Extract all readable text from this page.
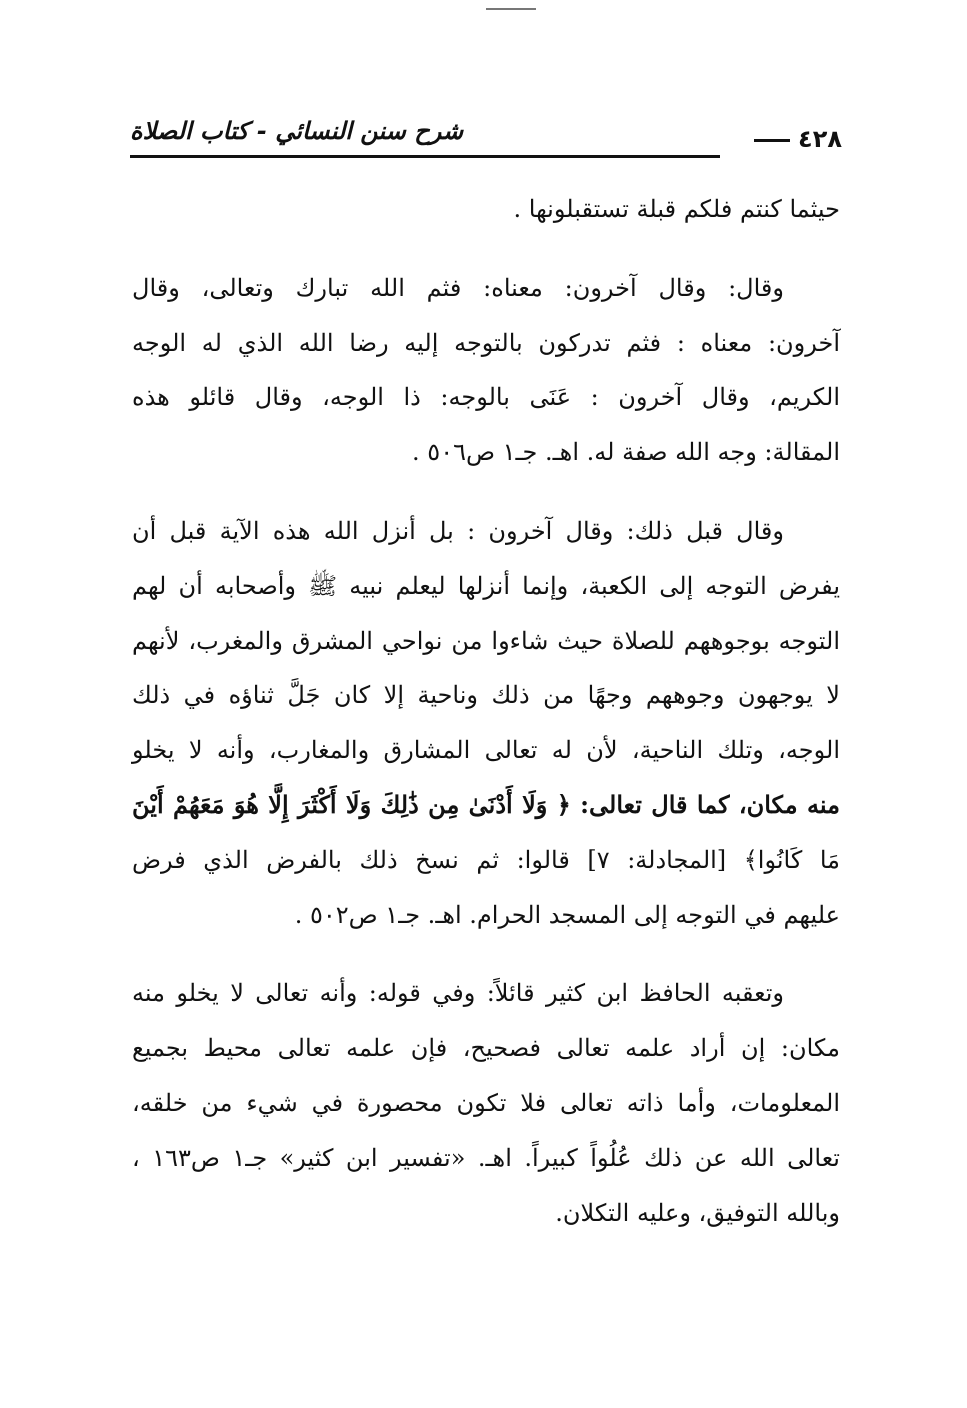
شرح سنن النسائي - كتاب الصلاة	٤٢٨
حيثما كنتم فلكم قبلة تستقبلونها .
وقال: وقال آخرون: معناه: فثم الله تبارك وتعالى، وقال
آخرون: معناه : فثم تدركون بالتوجه إليه رضا الله الذي له الوجه
الكريم، وقال آخرون : عَنَى بالوجه: ذا الوجه، وقال قائلو هذه
المقالة: وجه الله صفة له. اهـ. جـ١ ص٥٠٦ .
وقال قبل ذلك: وقال آخرون : بل أنزل الله هذه الآية قبل أن
يفرض التوجه إلى الكعبة، وإنما أنزلها ليعلم نبيه ﷺ وأصحابه أن لهم
التوجه بوجوههم للصلاة حيث شاءوا من نواحي المشرق والمغرب، لأنهم
لا يوجهون وجوههم وجهًا من ذلك وناحية إلا كان جَلَّ ثناؤه في ذلك
الوجه، وتلك الناحية، لأن له تعالى المشارق والمغارب، وأنه لا يخلو
منه مكان، كما قال تعالى: ﴿ وَلَا أَدْنَىٰ مِن ذَٰلِكَ وَلَا أَكْثَرَ إِلَّا هُوَ مَعَهُمْ أَيْنَ
مَا كَانُوا﴾ [المجادلة: ٧] قالوا: ثم نسخ ذلك بالفرض الذي فرض
عليهم في التوجه إلى المسجد الحرام. اهـ. جـ١ ص٥٠٢ .
وتعقبه الحافظ ابن كثير قائلاً: وفي قوله: وأنه تعالى لا يخلو منه
مكان: إن أراد علمه تعالى فصحيح، فإن علمه تعالى محيط بجميع
المعلومات، وأما ذاته تعالى فلا تكون محصورة في شيء من خلقه،
تعالى الله عن ذلك عُلُواً كبيراً. اهـ. «تفسير ابن كثير» جـ١ ص١٦٣ ،
وبالله التوفيق، وعليه التكلان.
